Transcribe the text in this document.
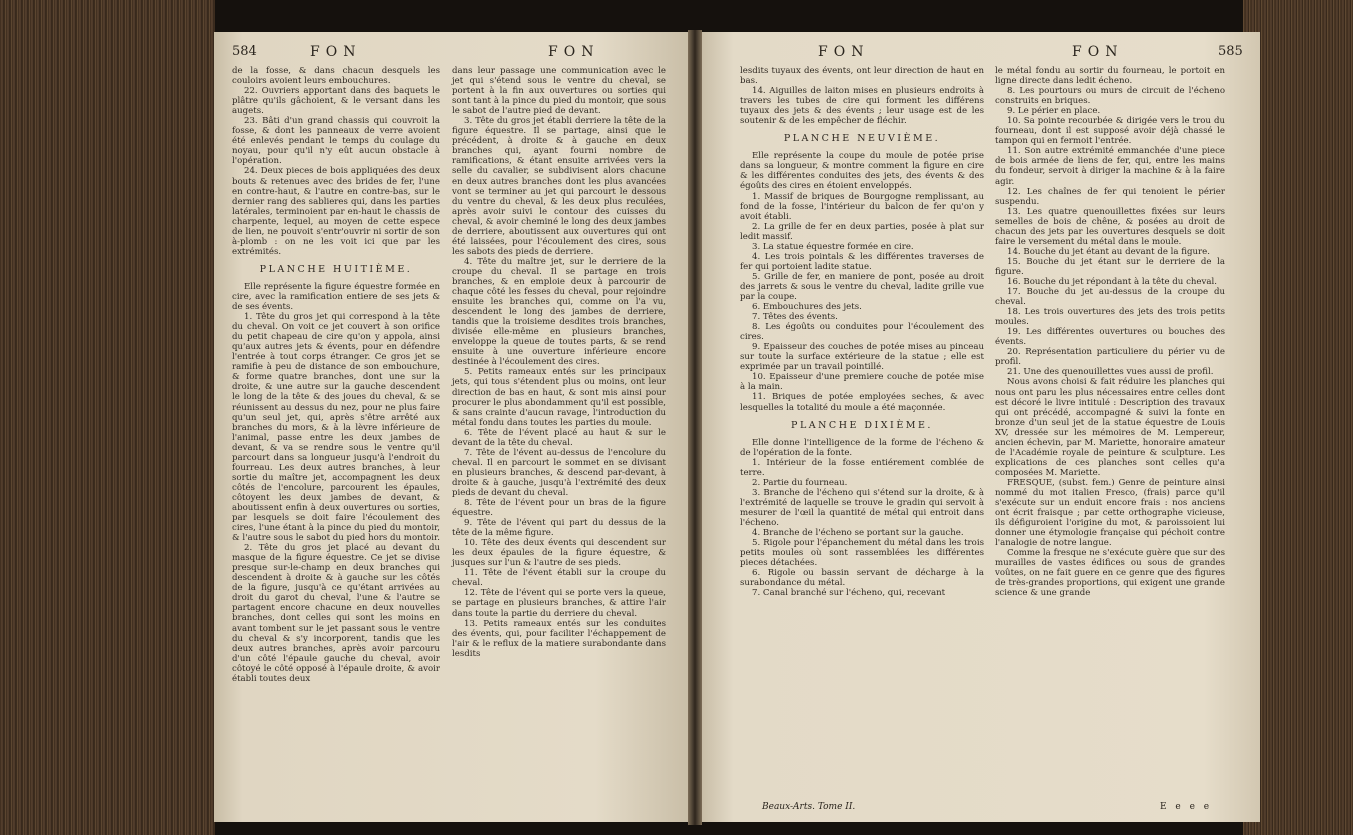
584	FON	FON	FON	FON	585

de la fosse, & dans chacun desquels les couloirs avoient leurs embouchures.

22. Ouvriers apportant dans des baquets le plâtre qu'ils gâchoient, & le versant dans les augets.

23. Bâti d'un grand chassis qui couvroit la fosse, & dont les panneaux de verre avoient été enlevés pendant le temps du coulage du noyau, pour qu'il n'y eût aucun obstacle à l'opération.

24. Deux pieces de bois appliquées des deux bouts & retenues avec des brides de fer, l'une en contre-haut, & l'autre en contre-bas, sur le dernier rang des sablieres qui, dans les parties latérales, terminoient par en-haut le chassis de charpente, lequel, au moyen de cette espece de lien, ne pouvoit s'entr'ouvrir ni sortir de son à-plomb : on ne les voit ici que par les extrémités.

PLANCHE HUITIÈME.

Elle représente la figure équestre formée en cire, avec la ramification entiere de ses jets & de ses évents.

1. Tête du gros jet qui correspond à la tête du cheval. On voit ce jet couvert à son orifice du petit chapeau de cire qu'on y appola, ainsi qu'aux autres jets & évents, pour en défendre l'entrée à tout corps étranger. Ce gros jet se ramifie à peu de distance de son embouchure, & forme quatre branches, dont une sur la droite, & une autre sur la gauche descendent le long de la tête & des joues du cheval, & se réunissent au dessus du nez, pour ne plus faire qu'un seul jet, qui, après s'être arrêté aux branches du mors, & à la lèvre inférieure de l'animal, passe entre les deux jambes de devant, & va se rendre sous le ventre qu'il parcourt dans sa longueur jusqu'à l'endroit du fourreau. Les deux autres branches, à leur sortie du maître jet, accompagnent les deux côtés de l'encolure, parcourent les épaules, côtoyent les deux jambes de devant, & aboutissent enfin à deux ouvertures ou sorties, par lesquels se doit faire l'écoulement des cires, l'une étant à la pince du pied du montoir, & l'autre sous le sabot du pied hors du montoir.

2. Tête du gros jet placé au devant du masque de la figure équestre. Ce jet se divise presque sur-le-champ en deux branches qui descendent à droite & à gauche sur les côtés de la figure, jusqu'à ce qu'étant arrivées au droit du garot du cheval, l'une & l'autre se partagent encore chacune en deux nouvelles branches, dont celles qui sont les moins en avant tombent sur le jet passant sous le ventre du cheval & s'y incorporent, tandis que les deux autres branches, après avoir parcouru d'un côté l'épaule gauche du cheval, avoir côtoyé le côté opposé à l'épaule droite, & avoir établi toutes deux

dans leur passage une communication avec le jet qui s'étend sous le ventre du cheval, se portent à la fin aux ouvertures ou sorties qui sont tant à la pince du pied du montoir, que sous le sabot de l'autre pied de devant.

3. Tête du gros jet établi derriere la tête de la figure équestre. Il se partage, ainsi que le précédent, à droite & à gauche en deux branches qui, ayant fourni nombre de ramifications, & étant ensuite arrivées vers la selle du cavalier, se subdivisent alors chacune en deux autres branches dont les plus avancées vont se terminer au jet qui parcourt le dessous du ventre du cheval, & les deux plus reculées, après avoir suivi le contour des cuisses du cheval, & avoir cheminé le long des deux jambes de derriere, aboutissent aux ouvertures qui ont été laissées, pour l'écoulement des cires, sous les sabots des pieds de derriere.

4. Tête du maître jet, sur le derriere de la croupe du cheval. Il se partage en trois branches, & en emploie deux à parcourir de chaque côté les fesses du cheval, pour rejoindre ensuite les branches qui, comme on l'a vu, descendent le long des jambes de derriere, tandis que la troisieme desdites trois branches, divisée elle-même en plusieurs branches, enveloppe la queue de toutes parts, & se rend ensuite à une ouverture inférieure encore destinée à l'écoulement des cires.

5. Petits rameaux entés sur les principaux jets, qui tous s'étendent plus ou moins, ont leur direction de bas en haut, & sont mis ainsi pour procurer le plus abondamment qu'il est possible, & sans crainte d'aucun ravage, l'introduction du métal fondu dans toutes les parties du moule.

6. Tête de l'évent placé au haut & sur le devant de la tête du cheval.

7. Tête de l'évent au-dessus de l'encolure du cheval. Il en parcourt le sommet en se divisant en plusieurs branches, & descend par-devant, à droite & à gauche, jusqu'à l'extrémité des deux pieds de devant du cheval.

8. Tête de l'évent pour un bras de la figure équestre.

9. Tête de l'évent qui part du dessus de la tête de la même figure.

10. Tête des deux évents qui descendent sur les deux épaules de la figure équestre, & jusques sur l'un & l'autre de ses pieds.

11. Tête de l'évent établi sur la croupe du cheval.

12. Tête de l'évent qui se porte vers la queue, se partage en plusieurs branches, & attire l'air dans toute la partie du derriere du cheval.

13. Petits rameaux entés sur les conduites des évents, qui, pour faciliter l'échappement de l'air & le reflux de la matiere surabondante dans lesdits

lesdits tuyaux des évents, ont leur direction de haut en bas.

14. Aiguilles de laiton mises en plusieurs endroits à travers les tubes de cire qui forment les différens tuyaux des jets & des évents ; leur usage est de les soutenir & de les empêcher de fléchir.

PLANCHE NEUVIÈME.

Elle représente la coupe du moule de potée prise dans sa longueur, & montre comment la figure en cire & les différentes conduites des jets, des évents & des égoûts des cires en étoient enveloppés.

1. Massif de briques de Bourgogne remplissant, au fond de la fosse, l'intérieur du balcon de fer qu'on y avoit établi.

2. La grille de fer en deux parties, posée à plat sur ledit massif.

3. La statue équestre formée en cire.

4. Les trois pointals & les différentes traverses de fer qui portoient ladite statue.

5. Grille de fer, en maniere de pont, posée au droit des jarrets & sous le ventre du cheval, ladite grille vue par la coupe.

6. Embouchures des jets.

7. Têtes des évents.

8. Les égoûts ou conduites pour l'écoulement des cires.

9. Epaisseur des couches de potée mises au pinceau sur toute la surface extérieure de la statue ; elle est exprimée par un travail pointillé.

10. Epaisseur d'une premiere couche de potée mise à la main.

11. Briques de potée employées seches, & avec lesquelles la totalité du moule a été maçonnée.

PLANCHE DIXIÈME.

Elle donne l'intelligence de la forme de l'écheno & de l'opération de la fonte.

1. Intérieur de la fosse entiérement comblée de terre.

2. Partie du fourneau.

3. Branche de l'écheno qui s'étend sur la droite, & à l'extrémité de laquelle se trouve le gradin qui servoit à mesurer de l'œil la quantité de métal qui entroit dans l'écheno.

4. Branche de l'écheno se portant sur la gauche.

5. Rigole pour l'épanchement du métal dans les trois petits moules où sont rassemblées les différentes pieces détachées.

6. Rigole ou bassin servant de décharge à la surabondance du métal.

7. Canal branché sur l'écheno, qui, recevant

le métal fondu au sortir du fourneau, le portoit en ligne directe dans ledit écheno.

8. Les pourtours ou murs de circuit de l'écheno construits en briques.

9. Le périer en place.

10. Sa pointe recourbée & dirigée vers le trou du fourneau, dont il est supposé avoir déjà chassé le tampon qui en fermoit l'entrée.

11. Son autre extrémité emmanchée d'une piece de bois armée de liens de fer, qui, entre les mains du fondeur, servoit à diriger la machine & à la faire agir.

12. Les chaînes de fer qui tenoient le périer suspendu.

13. Les quatre quenouillettes fixées sur leurs semelles de bois de chêne, & posées au droit de chacun des jets par les ouvertures desquels se doit faire le versement du métal dans le moule.

14. Bouche du jet étant au devant de la figure.

15. Bouche du jet étant sur le derriere de la figure.

16. Bouche du jet répondant à la tête du cheval.

17. Bouche du jet au-dessus de la croupe du cheval.

18. Les trois ouvertures des jets des trois petits moules.

19. Les différentes ouvertures ou bouches des évents.

20. Représentation particuliere du périer vu de profil.

21. Une des quenouillettes vues aussi de profil.

Nous avons choisi & fait réduire les planches qui nous ont paru les plus nécessaires entre celles dont est décoré le livre intitulé : Description des travaux qui ont précédé, accompagné & suivi la fonte en bronze d'un seul jet de la statue équestre de Louis XV, dressée sur les mémoires de M. Lempereur, ancien échevin, par M. Mariette, honoraire amateur de l'Académie royale de peinture & sculpture. Les explications de ces planches sont celles qu'a composées M. Mariette.

FRESQUE, (subst. fem.) Genre de peinture ainsi nommé du mot italien Fresco, (frais) parce qu'il s'exécute sur un enduit encore frais : nos anciens ont écrit fraisque ; par cette orthographe vicieuse, ils défiguroient l'origine du mot, & paroissoient lui donner une étymologie française qui péchoit contre l'analogie de notre langue.

Comme la fresque ne s'exécute guère que sur des murailles de vastes édifices ou sous de grandes voûtes, on ne fait guere en ce genre que des figures de très-grandes proportions, qui exigent une grande science & une grande

Beaux-Arts. Tome II.	E e e e
